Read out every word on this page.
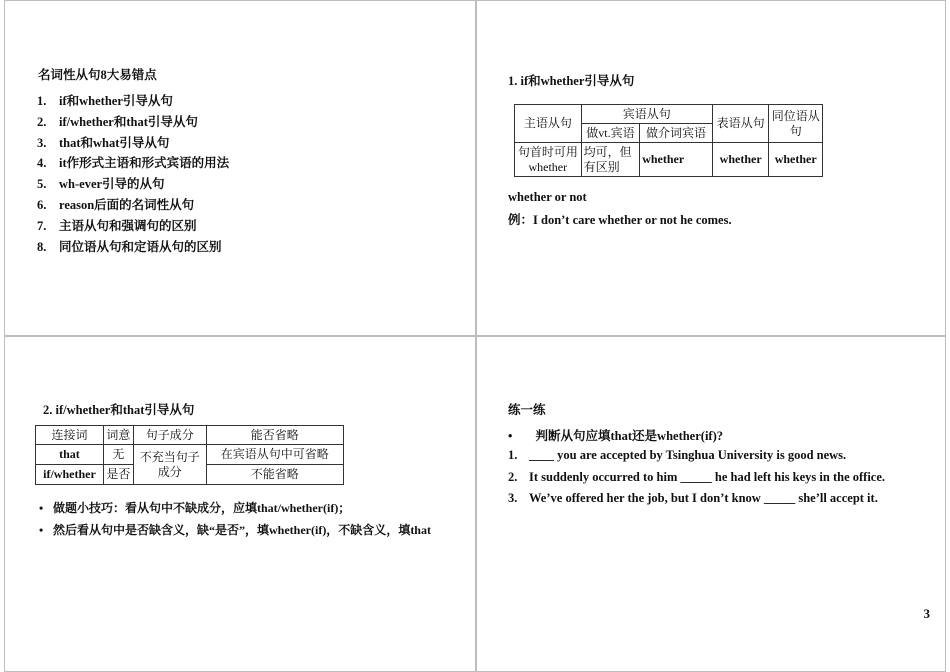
名词性从句8大易错点
1.	if和whether引导从句
2.	if/whether和that引导从句
3.	that和what引导从句
4.	it作形式主语和形式宾语的用法
5.	wh-ever引导的从句
6.	reason后面的名词性从句
7.	主语从句和强调句的区别
8.	同位语从句和定语从句的区别
1. if和whether引导从句
主语从句	宾语从句		表语从句	同位语从句
	做vt.宾语	做介词宾语		
句首时可用whether	均可，但有区别	whether	whether	whether
whether or not
例：I don’t care whether or not he comes.
2. if/whether和that引导从句
连接词	词意	句子成分	能否省略
that	无	不充当句子成分	在宾语从句中可省略
if/whether	是否		不能省略
• 做题小技巧：看从句中不缺成分，应填that/whether(if)；
• 然后看从句中是否缺含义，缺“是否”，填whether(if)，不缺含义，填that
练一练
• 判断从句应填that还是whether(if)?
1. ____ you are accepted by Tsinghua University is good news.
2. It suddenly occurred to him _____ he had left his keys in the office.
3. We’ve offered her the job, but I don’t know _____ she’ll accept it.
3
